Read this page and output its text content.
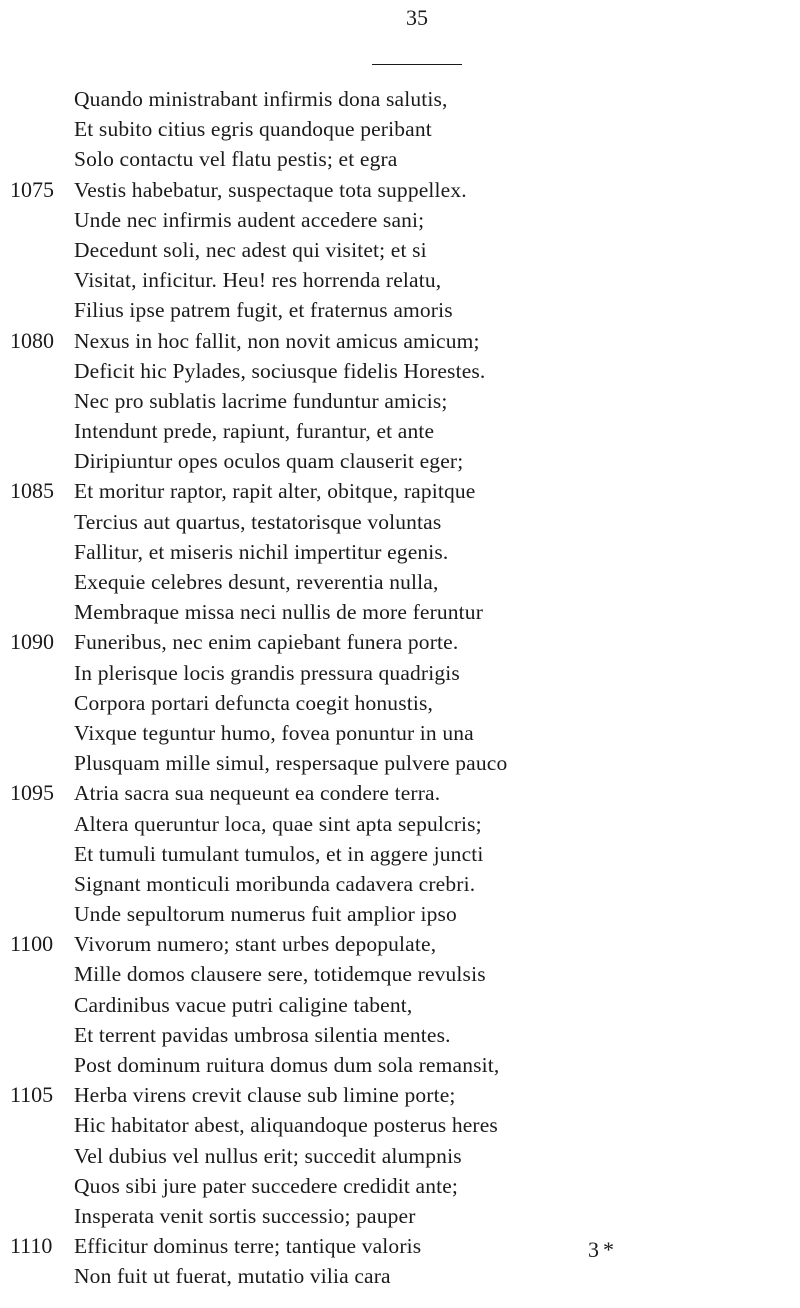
35
Quando ministrabant infirmis dona salutis,
Et subito citius egris quandoque peribant
Solo contactu vel flatu pestis; et egra
1075 Vestis habebatur, suspectaque tota suppellex.
Unde nec infirmis audent accedere sani;
Decedunt soli, nec adest qui visitet; et si
Visitat, inficitur. Heu! res horrenda relatu,
Filius ipse patrem fugit, et fraternus amoris
1080 Nexus in hoc fallit, non novit amicus amicum;
Deficit hic Pylades, sociusque fidelis Horestes.
Nec pro sublatis lacrime funduntur amicis;
Intendunt prede, rapiunt, furantur, et ante
Diripiuntur opes oculos quam clauserit eger;
1085 Et moritur raptor, rapit alter, obitque, rapitque
Tercius aut quartus, testatorisque voluntas
Fallitur, et miseris nichil impertitur egenis.
Exequie celebres desunt, reverentia nulla,
Membraque missa neci nullis de more feruntur
1090 Funeribus, nec enim capiebant funera porte.
In plerisque locis grandis pressura quadrigis
Corpora portari defuncta coegit honustis,
Vixque teguntur humo, fovea ponuntur in una
Plusquam mille simul, respersaque pulvere pauco
1095 Atria sacra sua nequeunt ea condere terra.
Altera queruntur loca, quae sint apta sepulcris;
Et tumuli tumulant tumulos, et in aggere juncti
Signant monticuli moribunda cadavera crebri.
Unde sepultorum numerus fuit amplior ipso
1100 Vivorum numero; stant urbes depopulate,
Mille domos clausere sere, totidemque revulsis
Cardinibus vacue putri caligine tabent,
Et terrent pavidas umbrosa silentia mentes.
Post dominum ruitura domus dum sola remansit,
1105 Herba virens crevit clause sub limine porte;
Hic habitator abest, aliquandoque posterus heres
Vel dubius vel nullus erit; succedit alumpnis
Quos sibi jure pater succedere credidit ante;
Insperata venit sortis successio; pauper
1110	Efficitur dominus terre; tantique valoris
Non fuit ut fuerat, mutatio vilia cara
3*
